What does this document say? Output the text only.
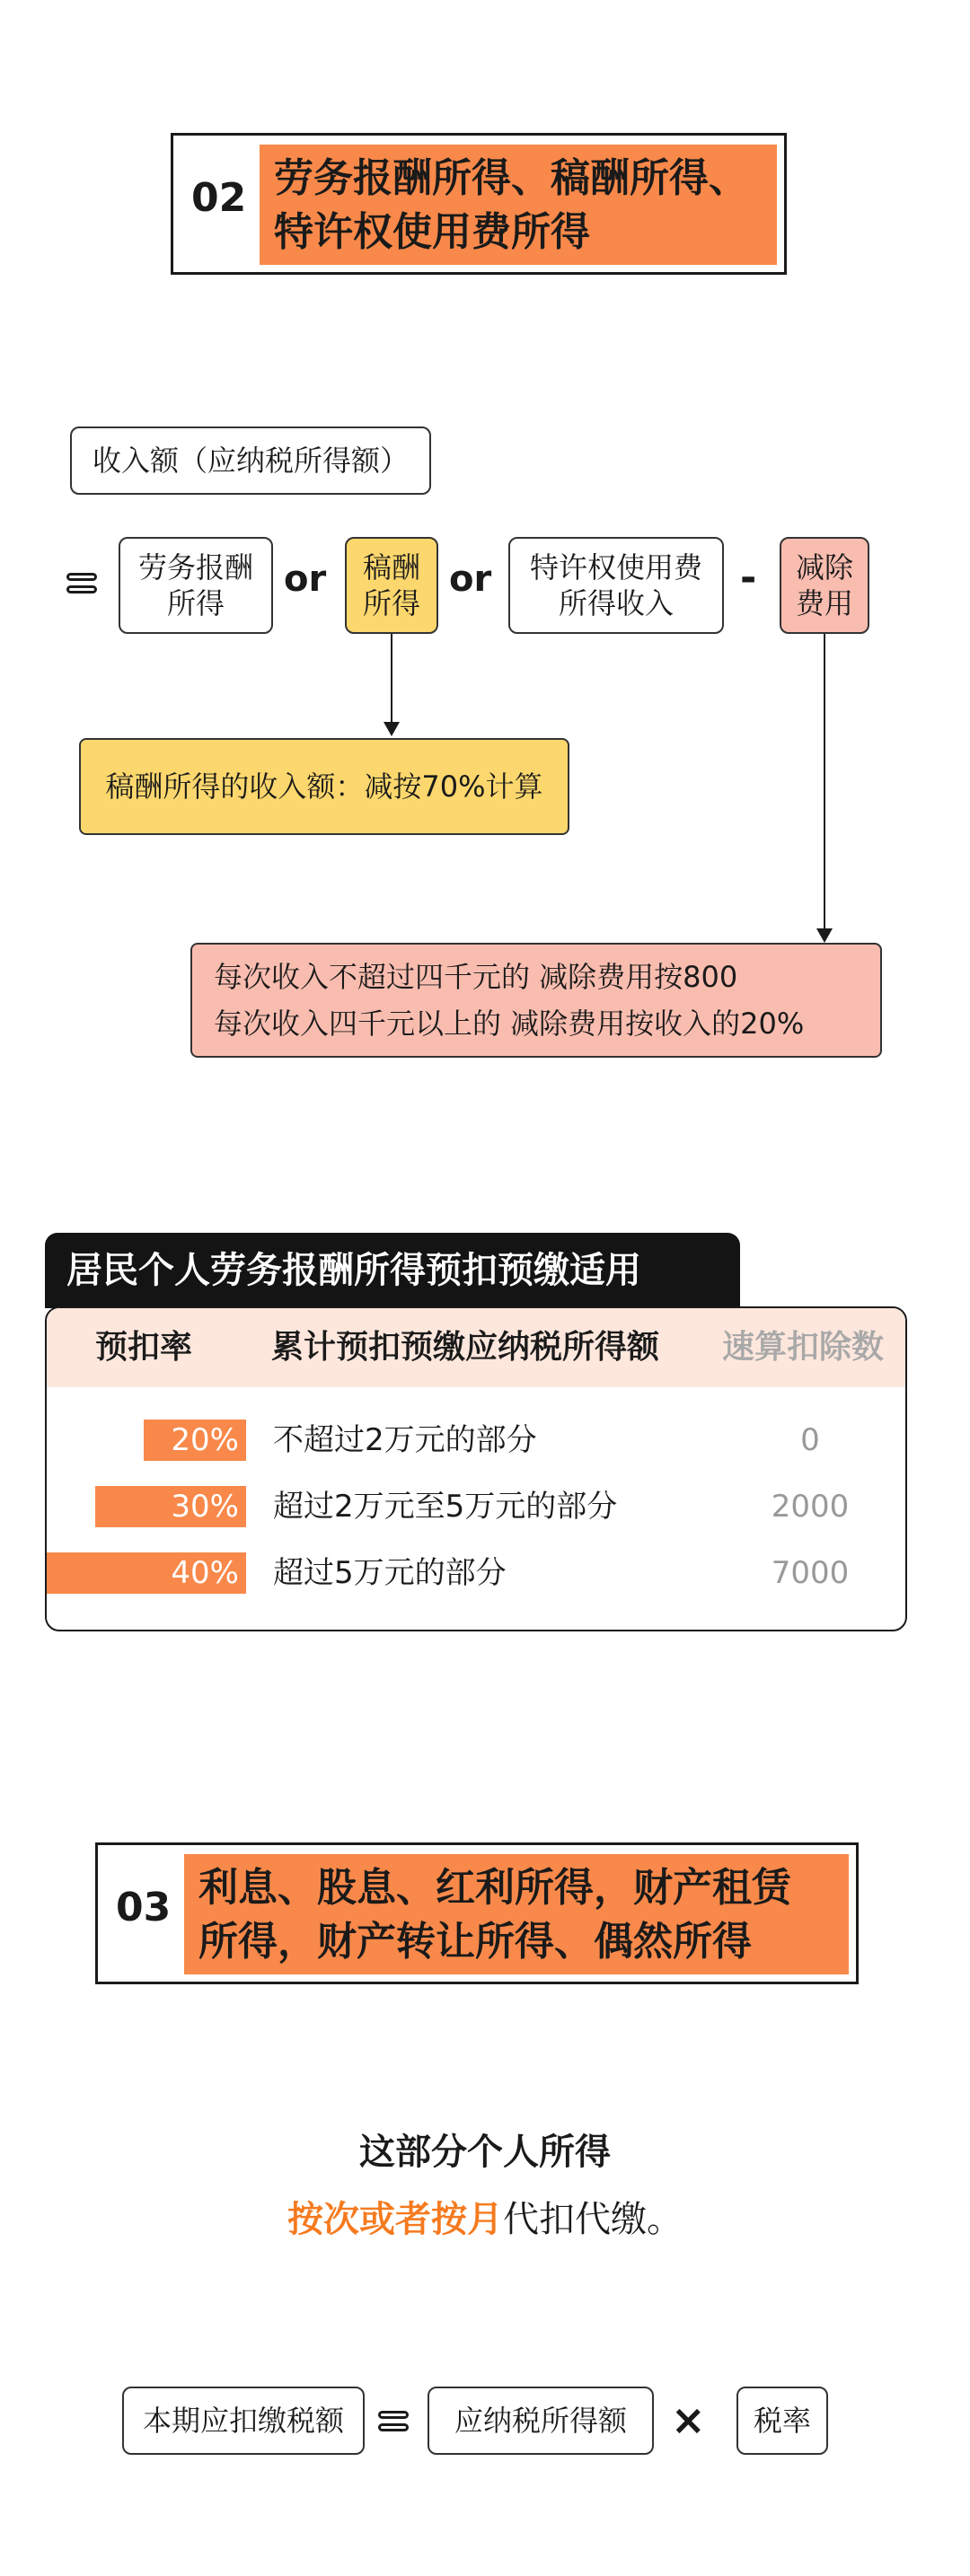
02 劳务报酬所得、稿酬所得、
特许权使用费所得
收入额（应纳税所得额）
劳务报酬
所得
or 稿酬
所得
or 特许权使用费
所得收入
- 减除
费用
稿酬所得的收入额：减按70%计算
每次收入不超过四千元的 减除费用按800
每次收入四千元以上的 减除费用按收入的20%
居民个人劳务报酬所得预扣预缴适用
预扣率 累计预扣预缴应纳税所得额 速算扣除数
20% 不超过2万元的部分	0
30% 超过2万元至5万元的部分	2000
40% 超过5万元的部分	7000
03 利息、股息、红利所得，财产租赁
所得，财产转让所得、偶然所得
这部分个人所得
按次或者按月代扣代缴。
本期应扣缴税额	应纳税所得额	×	税率
